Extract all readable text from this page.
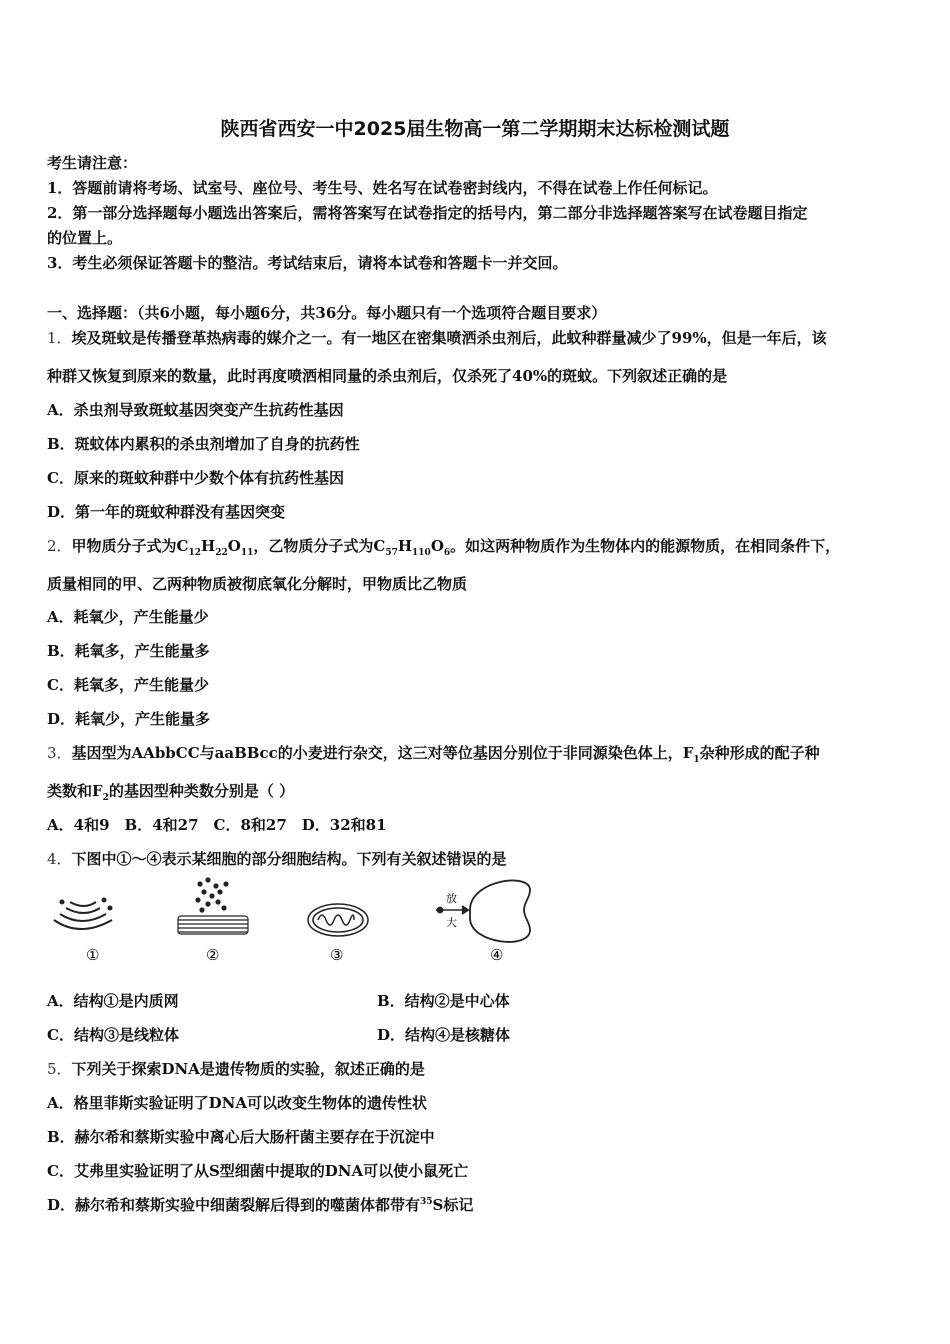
陕西省西安一中2025届生物高一第二学期期末达标检测试题
考生请注意：
1．答题前请将考场、试室号、座位号、考生号、姓名写在试卷密封线内，不得在试卷上作任何标记。
2．第一部分选择题每小题选出答案后，需将答案写在试卷指定的括号内，第二部分非选择题答案写在试卷题目指定
的位置上。
3．考生必须保证答题卡的整洁。考试结束后，请将本试卷和答题卡一并交回。
一、选择题：（共6小题，每小题6分，共36分。每小题只有一个选项符合题目要求）
1．埃及斑蚊是传播登革热病毒的媒介之一。有一地区在密集喷洒杀虫剂后，此蚊种群量减少了99%，但是一年后，该
种群又恢复到原来的数量，此时再度喷洒相同量的杀虫剂后，仅杀死了40%的斑蚊。下列叙述正确的是
A．杀虫剂导致斑蚊基因突变产生抗药性基因
B．斑蚊体内累积的杀虫剂增加了自身的抗药性
C．原来的斑蚊种群中少数个体有抗药性基因
D．第一年的斑蚊种群没有基因突变
2．甲物质分子式为$C_{12}H_{22}O_{11}$，乙物质分子式为$C_{57}H_{110}O_6$。如这两种物质作为生物体内的能源物质，在相同条件下，
质量相同的甲、乙两种物质被彻底氧化分解时，甲物质比乙物质
A．耗氧少，产生能量少
B．耗氧多，产生能量多
C．耗氧多，产生能量少
D．耗氧少，产生能量多
3．基因型为AAbbCC与aaBBcc的小麦进行杂交，这三对等位基因分别位于非同源染色体上，$F_1$杂种形成的配子种
类数和$F_2$的基因型种类数分别是（ ）
A．4和9　B．4和27　C．8和27　D．32和81
4．下图中①～④表示某细胞的部分细胞结构。下列有关叙述错误的是
放
大
①	②	③	④
A．结构①是内质网	B．结构②是中心体
C．结构③是线粒体	D．结构④是核糖体
5．下列关于探索DNA是遗传物质的实验，叙述正确的是
A．格里菲斯实验证明了DNA可以改变生物体的遗传性状
B．赫尔希和蔡斯实验中离心后大肠杆菌主要存在于沉淀中
C．艾弗里实验证明了从S型细菌中提取的DNA可以使小鼠死亡
D．赫尔希和蔡斯实验中细菌裂解后得到的噬菌体都带有$^{35}$S标记
